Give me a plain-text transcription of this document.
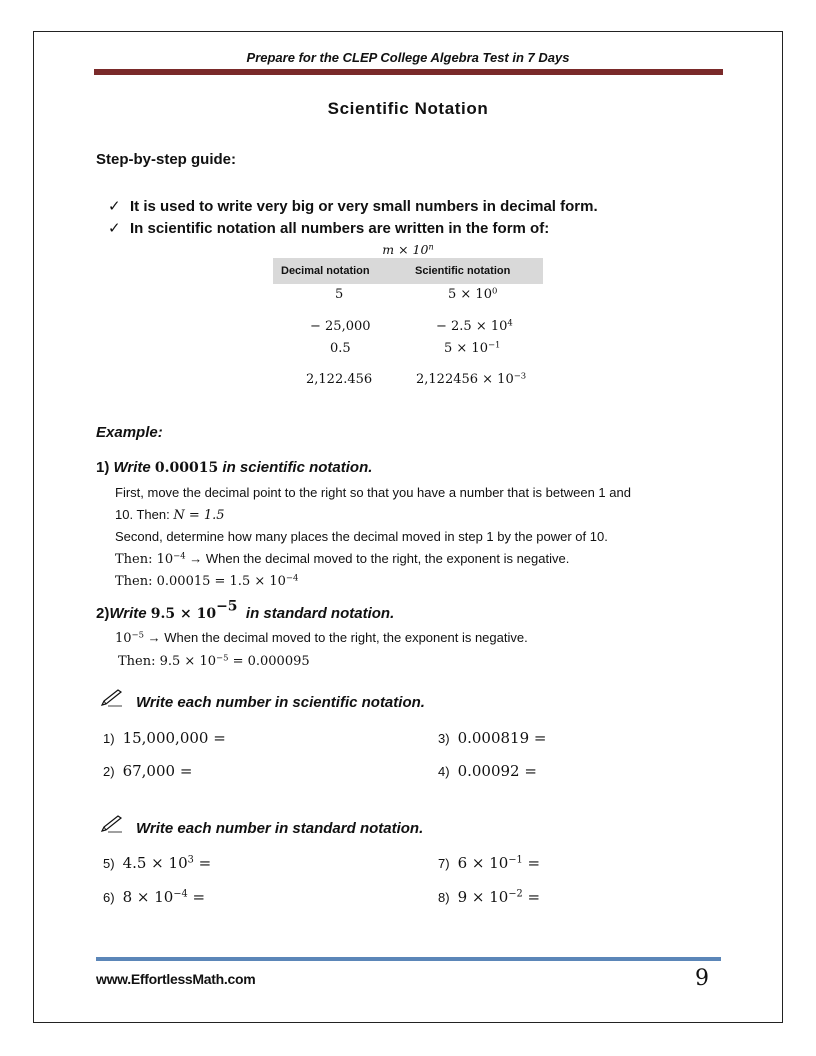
Prepare for the CLEP College Algebra Test in 7 Days
Scientific Notation
Step-by-step guide:
✓ It is used to write very big or very small numbers in decimal form.
✓ In scientific notation all numbers are written in the form of:
$m \times 10^n$
Decimal notation	Scientific notation
5	$5 \times 10^0$
− 25,000	− $2.5 \times 10^4$
0.5	$5 \times 10^{-1}$
2,122.456	$2,122456 \times 10^{-3}$
Example:
1) Write 0.00015 in scientific notation.
First, move the decimal point to the right so that you have a number that is between 1 and
10. Then: N = 1.5
Second, determine how many places the decimal moved in step 1 by the power of 10.
Then: $10^{-4}$ → When the decimal moved to the right, the exponent is negative.
Then: $0.00015 = 1.5 \times 10^{-4}$
2)Write $9.5 \times 10^{-5}$ in standard notation.
$10^{-5}$ → When the decimal moved to the right, the exponent is negative.
Then: $9.5 \times 10^{-5} = 0.000095$
Write each number in scientific notation.
1) 15,000,000 =
2) 67,000 =
3) 0.000819 =
4) 0.00092 =
Write each number in standard notation.
5) $4.5 \times 10^3$ =
6) $8 \times 10^{-4}$ =
7) $6 \times 10^{-1}$ =
8) $9 \times 10^{-2}$ =
www.EffortlessMath.com	9
